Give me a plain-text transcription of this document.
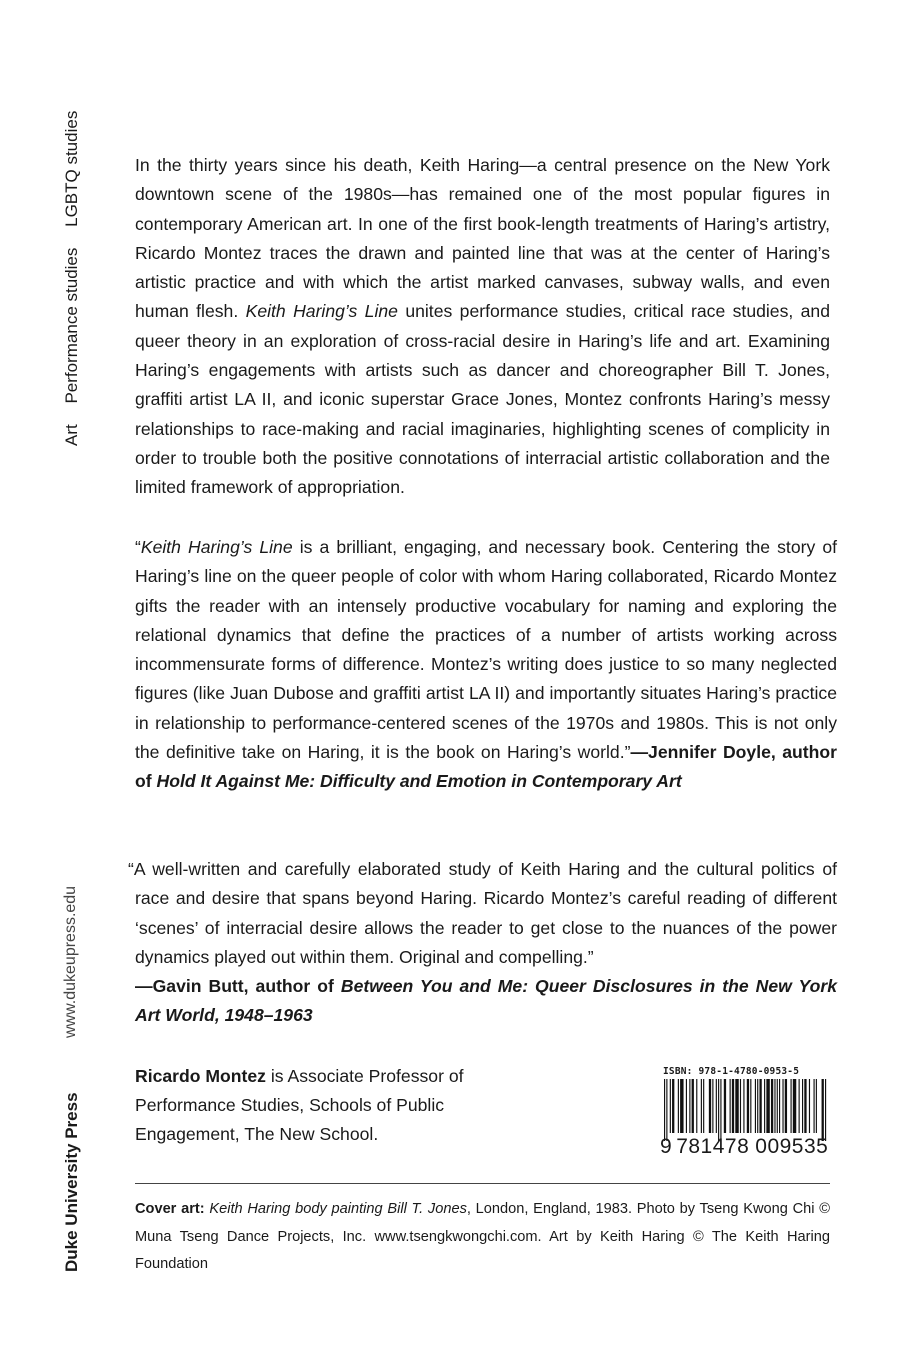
Art Performance studies LGBTQ studies
www.dukeupress.edu
Duke University Press

In the thirty years since his death, Keith Haring—a central presence on the New York downtown scene of the 1980s—has remained one of the most popular figures in contemporary American art. In one of the first book-length treatments of Haring’s artistry, Ricardo Montez traces the drawn and painted line that was at the center of Haring’s artistic practice and with which the artist marked canvases, subway walls, and even human flesh. Keith Haring’s Line unites performance studies, critical race studies, and queer theory in an exploration of cross-racial desire in Haring’s life and art. Examining Haring’s engagements with artists such as dancer and choreographer Bill T. Jones, graffiti artist LA II, and iconic superstar Grace Jones, Montez confronts Haring’s messy relationships to race-making and racial imaginaries, highlighting scenes of complicity in order to trouble both the positive connotations of interracial artistic collaboration and the limited framework of appropriation.

“Keith Haring’s Line is a brilliant, engaging, and necessary book. Centering the story of Haring’s line on the queer people of color with whom Haring collaborated, Ricardo Montez gifts the reader with an intensely productive vocabulary for naming and exploring the relational dynamics that define the practices of a number of artists working across incommensurate forms of difference. Montez’s writing does justice to so many neglected figures (like Juan Dubose and graffiti artist LA II) and importantly situates Haring’s practice in relationship to performance-centered scenes of the 1970s and 1980s. This is not only the definitive take on Haring, it is the book on Haring’s world.”—Jennifer Doyle, author of Hold It Against Me: Difficulty and Emotion in Contemporary Art

“A well-written and carefully elaborated study of Keith Haring and the cultural politics of race and desire that spans beyond Haring. Ricardo Montez’s careful reading of different ‘scenes’ of interracial desire allows the reader to get close to the nuances of the power dynamics played out within them. Original and compelling.”
—Gavin Butt, author of Between You and Me: Queer Disclosures in the New York Art World, 1948–1963

Ricardo Montez is Associate Professor of Performance Studies, Schools of Public Engagement, The New School.

ISBN: 978-1-4780-0953-5
9 781478 009535

Cover art: Keith Haring body painting Bill T. Jones, London, England, 1983. Photo by Tseng Kwong Chi © Muna Tseng Dance Projects, Inc. www.tsengkwongchi.com. Art by Keith Haring © The Keith Haring Foundation
